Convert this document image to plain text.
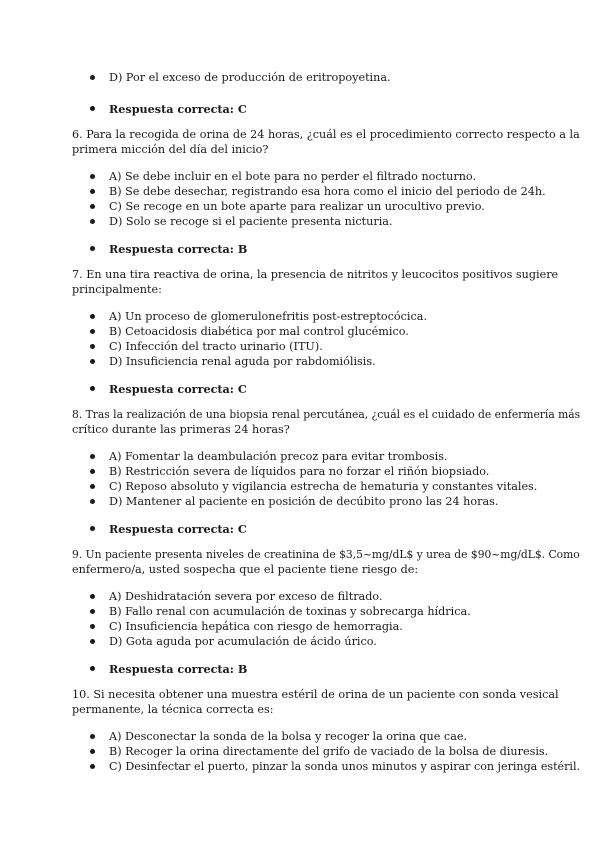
D) Por el exceso de producción de eritropoyetina.
Respuesta correcta: C
6. Para la recogida de orina de 24 horas, ¿cuál es el procedimiento correcto respecto a la
primera micción del día del inicio?
A) Se debe incluir en el bote para no perder el filtrado nocturno.
B) Se debe desechar, registrando esa hora como el inicio del periodo de 24h.
C) Se recoge en un bote aparte para realizar un urocultivo previo.
D) Solo se recoge si el paciente presenta nicturia.
Respuesta correcta: B
7. En una tira reactiva de orina, la presencia de nitritos y leucocitos positivos sugiere
principalmente:
A) Un proceso de glomerulonefritis post-estreptocócica.
B) Cetoacidosis diabética por mal control glucémico.
C) Infección del tracto urinario (ITU).
D) Insuficiencia renal aguda por rabdomiólisis.
Respuesta correcta: C
8. Tras la realización de una biopsia renal percutánea, ¿cuál es el cuidado de enfermería más
crítico durante las primeras 24 horas?
A) Fomentar la deambulación precoz para evitar trombosis.
B) Restricción severa de líquidos para no forzar el riñón biopsiado.
C) Reposo absoluto y vigilancia estrecha de hematuria y constantes vitales.
D) Mantener al paciente en posición de decúbito prono las 24 horas.
Respuesta correcta: C
9. Un paciente presenta niveles de creatinina de $3,5~mg/dL$ y urea de $90~mg/dL$. Como
enfermero/a, usted sospecha que el paciente tiene riesgo de:
A) Deshidratación severa por exceso de filtrado.
B) Fallo renal con acumulación de toxinas y sobrecarga hídrica.
C) Insuficiencia hepática con riesgo de hemorragia.
D) Gota aguda por acumulación de ácido úrico.
Respuesta correcta: B
10. Si necesita obtener una muestra estéril de orina de un paciente con sonda vesical
permanente, la técnica correcta es:
A) Desconectar la sonda de la bolsa y recoger la orina que cae.
B) Recoger la orina directamente del grifo de vaciado de la bolsa de diuresis.
C) Desinfectar el puerto, pinzar la sonda unos minutos y aspirar con jeringa estéril.
